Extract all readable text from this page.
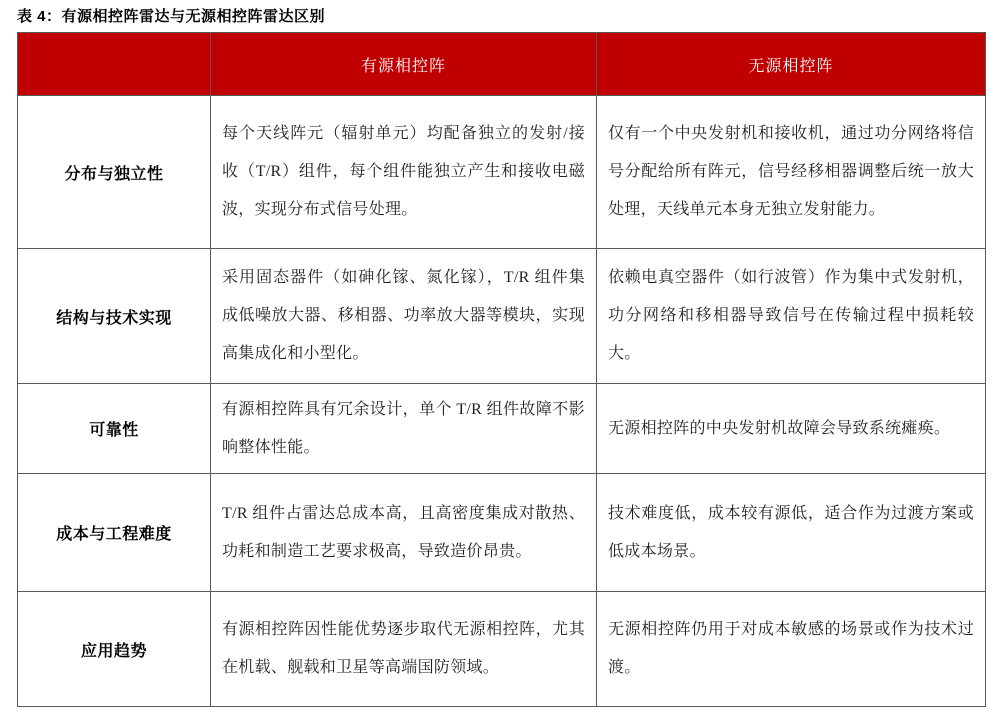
表 4：有源相控阵雷达与无源相控阵雷达区别
	有源相控阵	无源相控阵
分布与独立性	每个天线阵元（辐射单元）均配备独立的发射/接收（T/R）组件，每个组件能独立产生和接收电磁波，实现分布式信号处理。	仅有一个中央发射机和接收机，通过功分网络将信号分配给所有阵元，信号经移相器调整后统一放大处理，天线单元本身无独立发射能力。
结构与技术实现	采用固态器件（如砷化镓、氮化镓），T/R 组件集成低噪放大器、移相器、功率放大器等模块，实现高集成化和小型化。	依赖电真空器件（如行波管）作为集中式发射机，功分网络和移相器导致信号在传输过程中损耗较大。
可靠性	有源相控阵具有冗余设计，单个 T/R 组件故障不影响整体性能。	无源相控阵的中央发射机故障会导致系统瘫痪。
成本与工程难度	T/R 组件占雷达总成本高，且高密度集成对散热、功耗和制造工艺要求极高，导致造价昂贵。	技术难度低，成本较有源低，适合作为过渡方案或低成本场景。
应用趋势	有源相控阵因性能优势逐步取代无源相控阵，尤其在机载、舰载和卫星等高端国防领域。	无源相控阵仍用于对成本敏感的场景或作为技术过渡。
